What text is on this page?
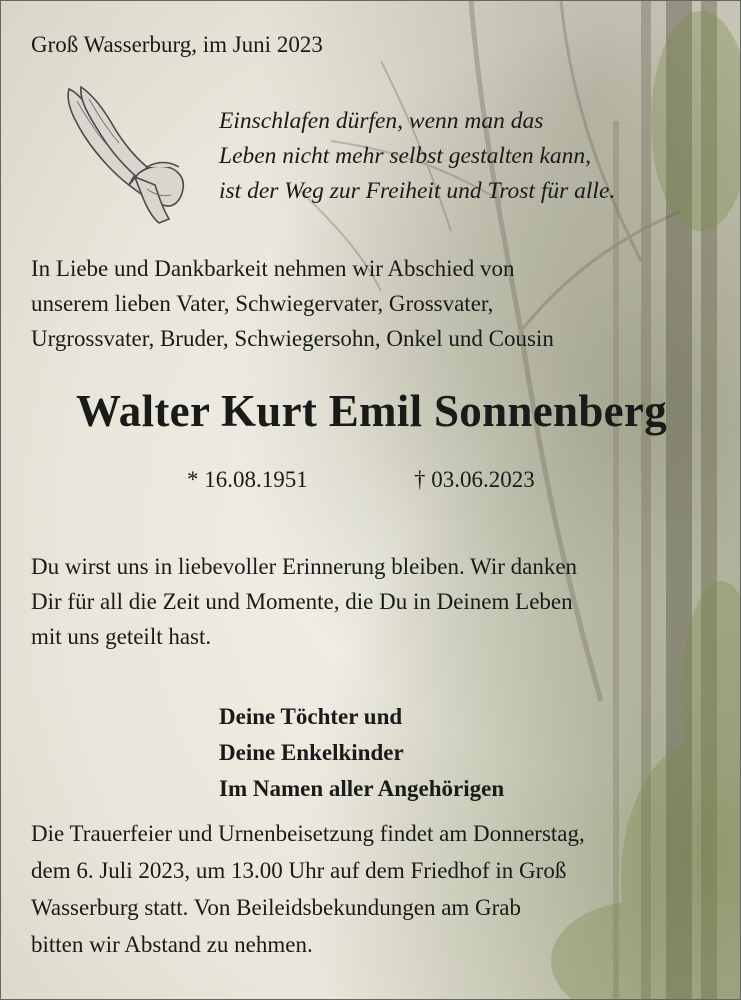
Groß Wasserburg, im Juni 2023
Einschlafen dürfen, wenn man das
Leben nicht mehr selbst gestalten kann,
ist der Weg zur Freiheit und Trost für alle.
In Liebe und Dankbarkeit nehmen wir Abschied von
unserem lieben Vater, Schwiegervater, Grossvater,
Urgrossvater, Bruder, Schwiegersohn, Onkel und Cousin
Walter Kurt Emil Sonnenberg
* 16.08.1951	† 03.06.2023
Du wirst uns in liebevoller Erinnerung bleiben. Wir danken
Dir für all die Zeit und Momente, die Du in Deinem Leben
mit uns geteilt hast.
Deine Töchter und
Deine Enkelkinder
Im Namen aller Angehörigen
Die Trauerfeier und Urnenbeisetzung findet am Donnerstag,
dem 6. Juli 2023, um 13.00 Uhr auf dem Friedhof in Groß
Wasserburg statt. Von Beileidsbekundungen am Grab
bitten wir Abstand zu nehmen.
